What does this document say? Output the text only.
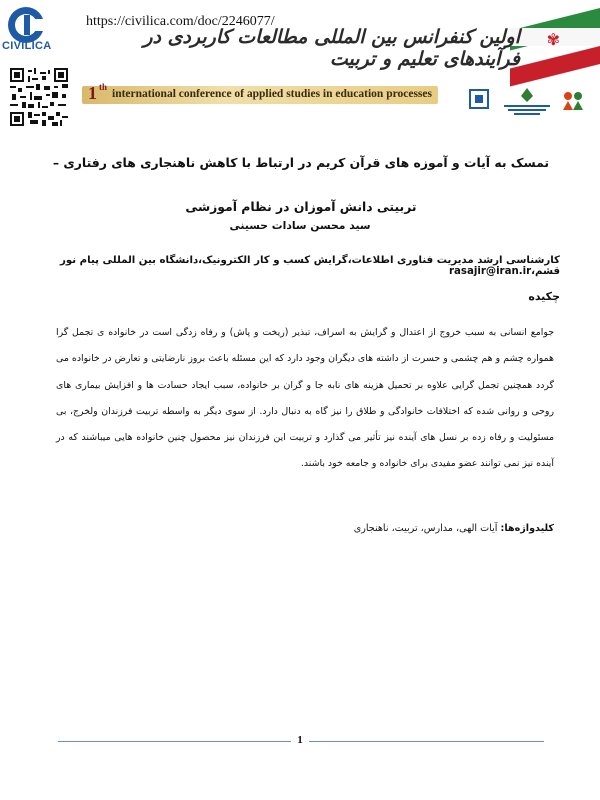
CIVILICA
https://civilica.com/doc/2246077/
✾
اولین کنفرانس بین المللی مطالعات کاربردی در فرآیندهای تعلیم و تربیت
1 th
international conference of applied studies in education processes
تمسک به آیات و آموزه های قرآن کریم در ارتباط با کاهش ناهنجاری های رفتاری – تربیتی دانش آموزان در نظام آموزشی
سید محسن سادات حسینی
کارشناسی ارشد مدیریت فناوری اطلاعات،گرایش کسب و کار الکترونیک،دانشگاه بین المللی پیام نور قشم،rasajir@iran.ir
چکیده
جوامع انسانی به سبب خروج از اعتدال و گرایش به اسراف، تبذیر (ریخت و پاش) و رفاه زدگی است در خانواده ی تجمل گرا همواره چشم و هم چشمی و حسرت از داشته های دیگران وجود دارد که این مسئله باعث بروز نارضایتی و تعارض در خانواده می گردد همچنین تجمل گرایی علاوه بر تحمیل هزینه های نابه جا و گران بر خانواده، سبب ایجاد حسادت ها و افزایش بیماری های روحی و روانی شده که اختلافات خانوادگی و طلاق را نیز گاه به دنبال دارد. از سوی دیگر به واسطه تربیت فرزندان ولخرج، بی مسئولیت و رفاه زده بر نسل های آینده نیز تأثیر می گذارد و تربیت این فرزندان نیز محصول چنین خانواده هایی میباشند که در آینده نیز نمی توانند عضو مفیدی برای خانواده و جامعه خود باشند.
کلیدواژه‌ها: آیات الهی، مدارس، تربیت، ناهنجاری
1
